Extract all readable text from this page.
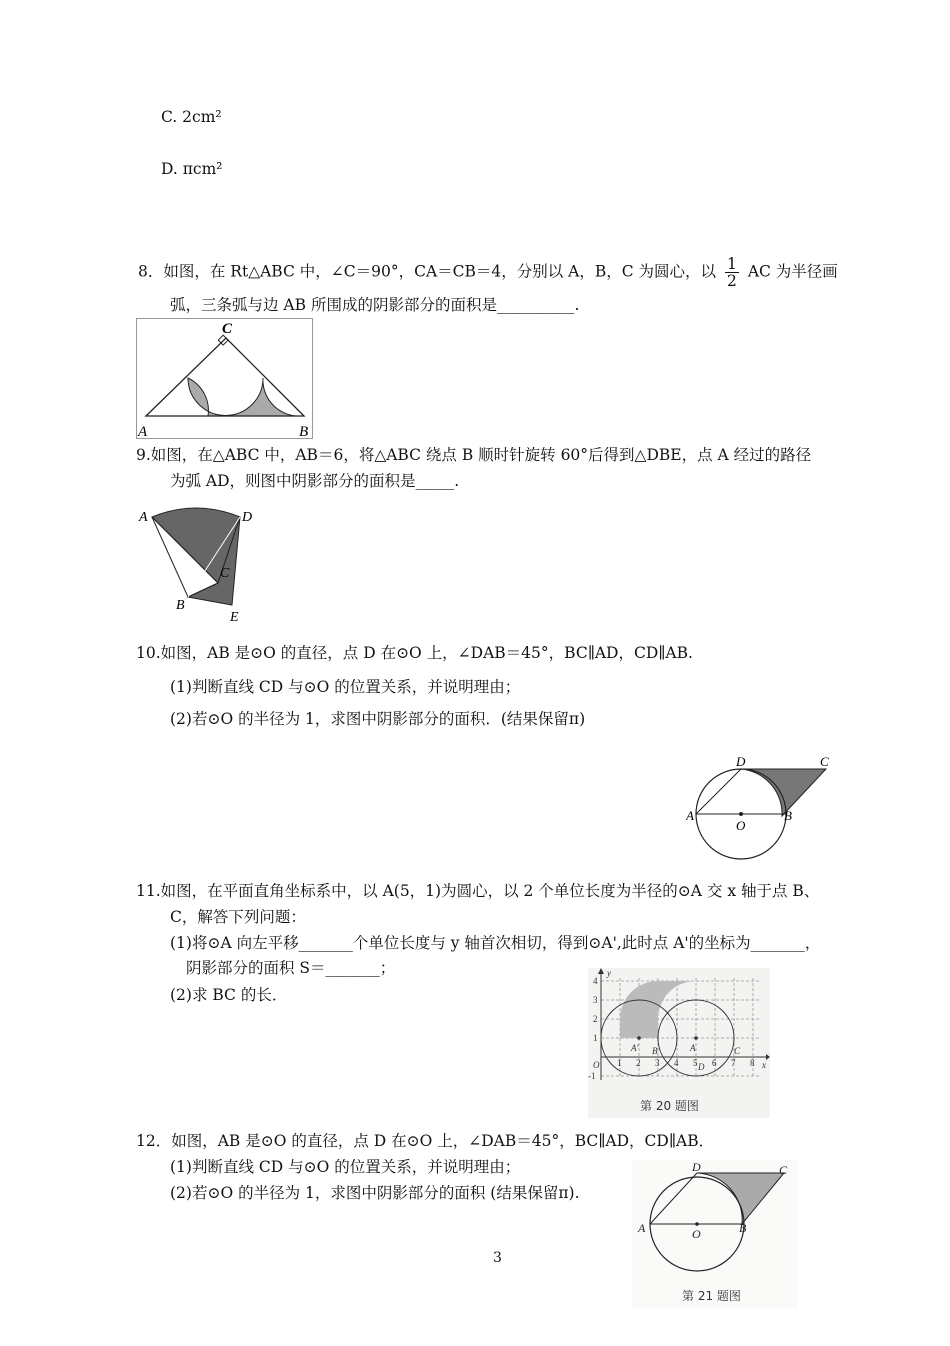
C. 2cm²
D. πcm²
8．如图，在 Rt△ABC 中，∠C＝90°，CA＝CB＝4，分别以 A，B，C 为圆心，以 $\frac{1}{2}$ AC 为半径画
弧，三条弧与边 AB 所围成的阴影部分的面积是__________.
C
A	B
9.如图，在△ABC 中，AB＝6，将△ABC 绕点 B 顺时针旋转 60°后得到△DBE，点 A 经过的路径
为弧 AD，则图中阴影部分的面积是_____.
A	D
C
B
E
10.如图，AB 是⊙O 的直径，点 D 在⊙O 上，∠DAB＝45°，BC∥AD，CD∥AB.
(1)判断直线 CD 与⊙O 的位置关系，并说明理由；
(2)若⊙O 的半径为 1，求图中阴影部分的面积．(结果保留π)
D	C
A
O
B
11.如图，在平面直角坐标系中，以 A(5，1)为圆心，以 2 个单位长度为半径的⊙A 交 x 轴于点 B、
C，解答下列问题：
(1)将⊙A 向左平移_______个单位长度与 y 轴首次相切，得到⊙A',此时点 A'的坐标为_______，
阴影部分的面积 S＝_______；
(2)求 BC 的长．
y
x
O
4
3
2
1
-1
1 2 3 4 5 6 7 8
A'	A
B	C
D
第 20 题图
12．如图，AB 是⊙O 的直径，点 D 在⊙O 上，∠DAB＝45°，BC∥AD，CD∥AB．
(1)判断直线 CD 与⊙O 的位置关系，并说明理由；
(2)若⊙O 的半径为 1，求图中阴影部分的面积 (结果保留π).
D	C
A	O	B
第 21 题图
3
